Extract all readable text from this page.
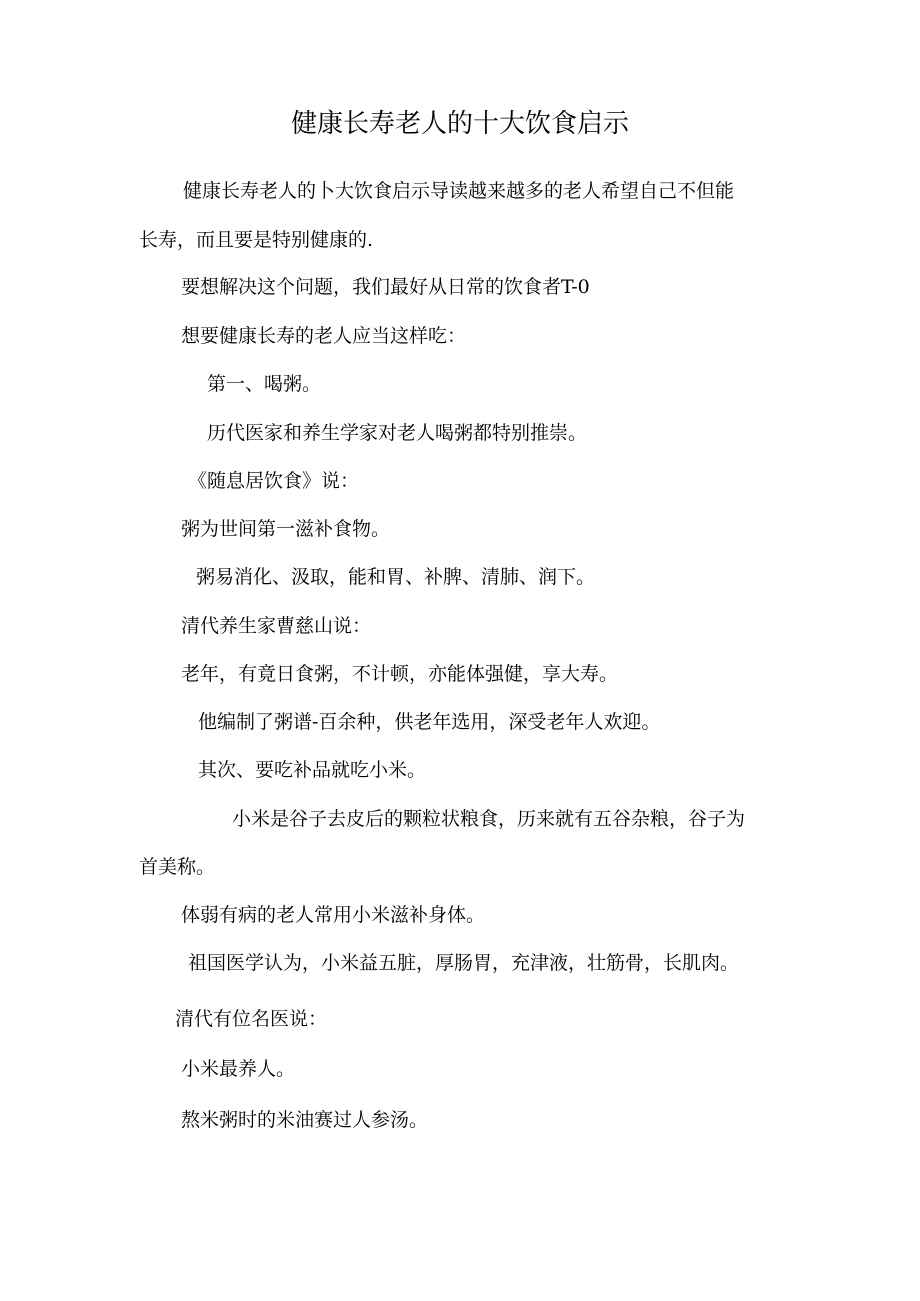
健康长寿老人的十大饮食启示
健康长寿老人的卜大饮食启示导读越来越多的老人希望自己不但能
长寿，而且要是特别健康的.
要想解决这个问题，我们最好从日常的饮食者T-0
想要健康长寿的老人应当这样吃：
第一、喝粥。
历代医家和养生学家对老人喝粥都特别推崇。
《随息居饮食》说：
粥为世间第一滋补食物。
粥易消化、汲取，能和胃、补脾、清肺、润下。
清代养生家曹慈山说：
老年，有竟日食粥，不计顿，亦能体强健，享大寿。
他编制了粥谱-百余种，供老年选用，深受老年人欢迎。
其次、要吃补品就吃小米。
小米是谷子去皮后的颗粒状粮食，历来就有五谷杂粮，谷子为
首美称。
体弱有病的老人常用小米滋补身体。
祖国医学认为，小米益五脏，厚肠胃，充津液，壮筋骨，长肌肉。
清代有位名医说：
小米最养人。
熬米粥时的米油赛过人参汤。
